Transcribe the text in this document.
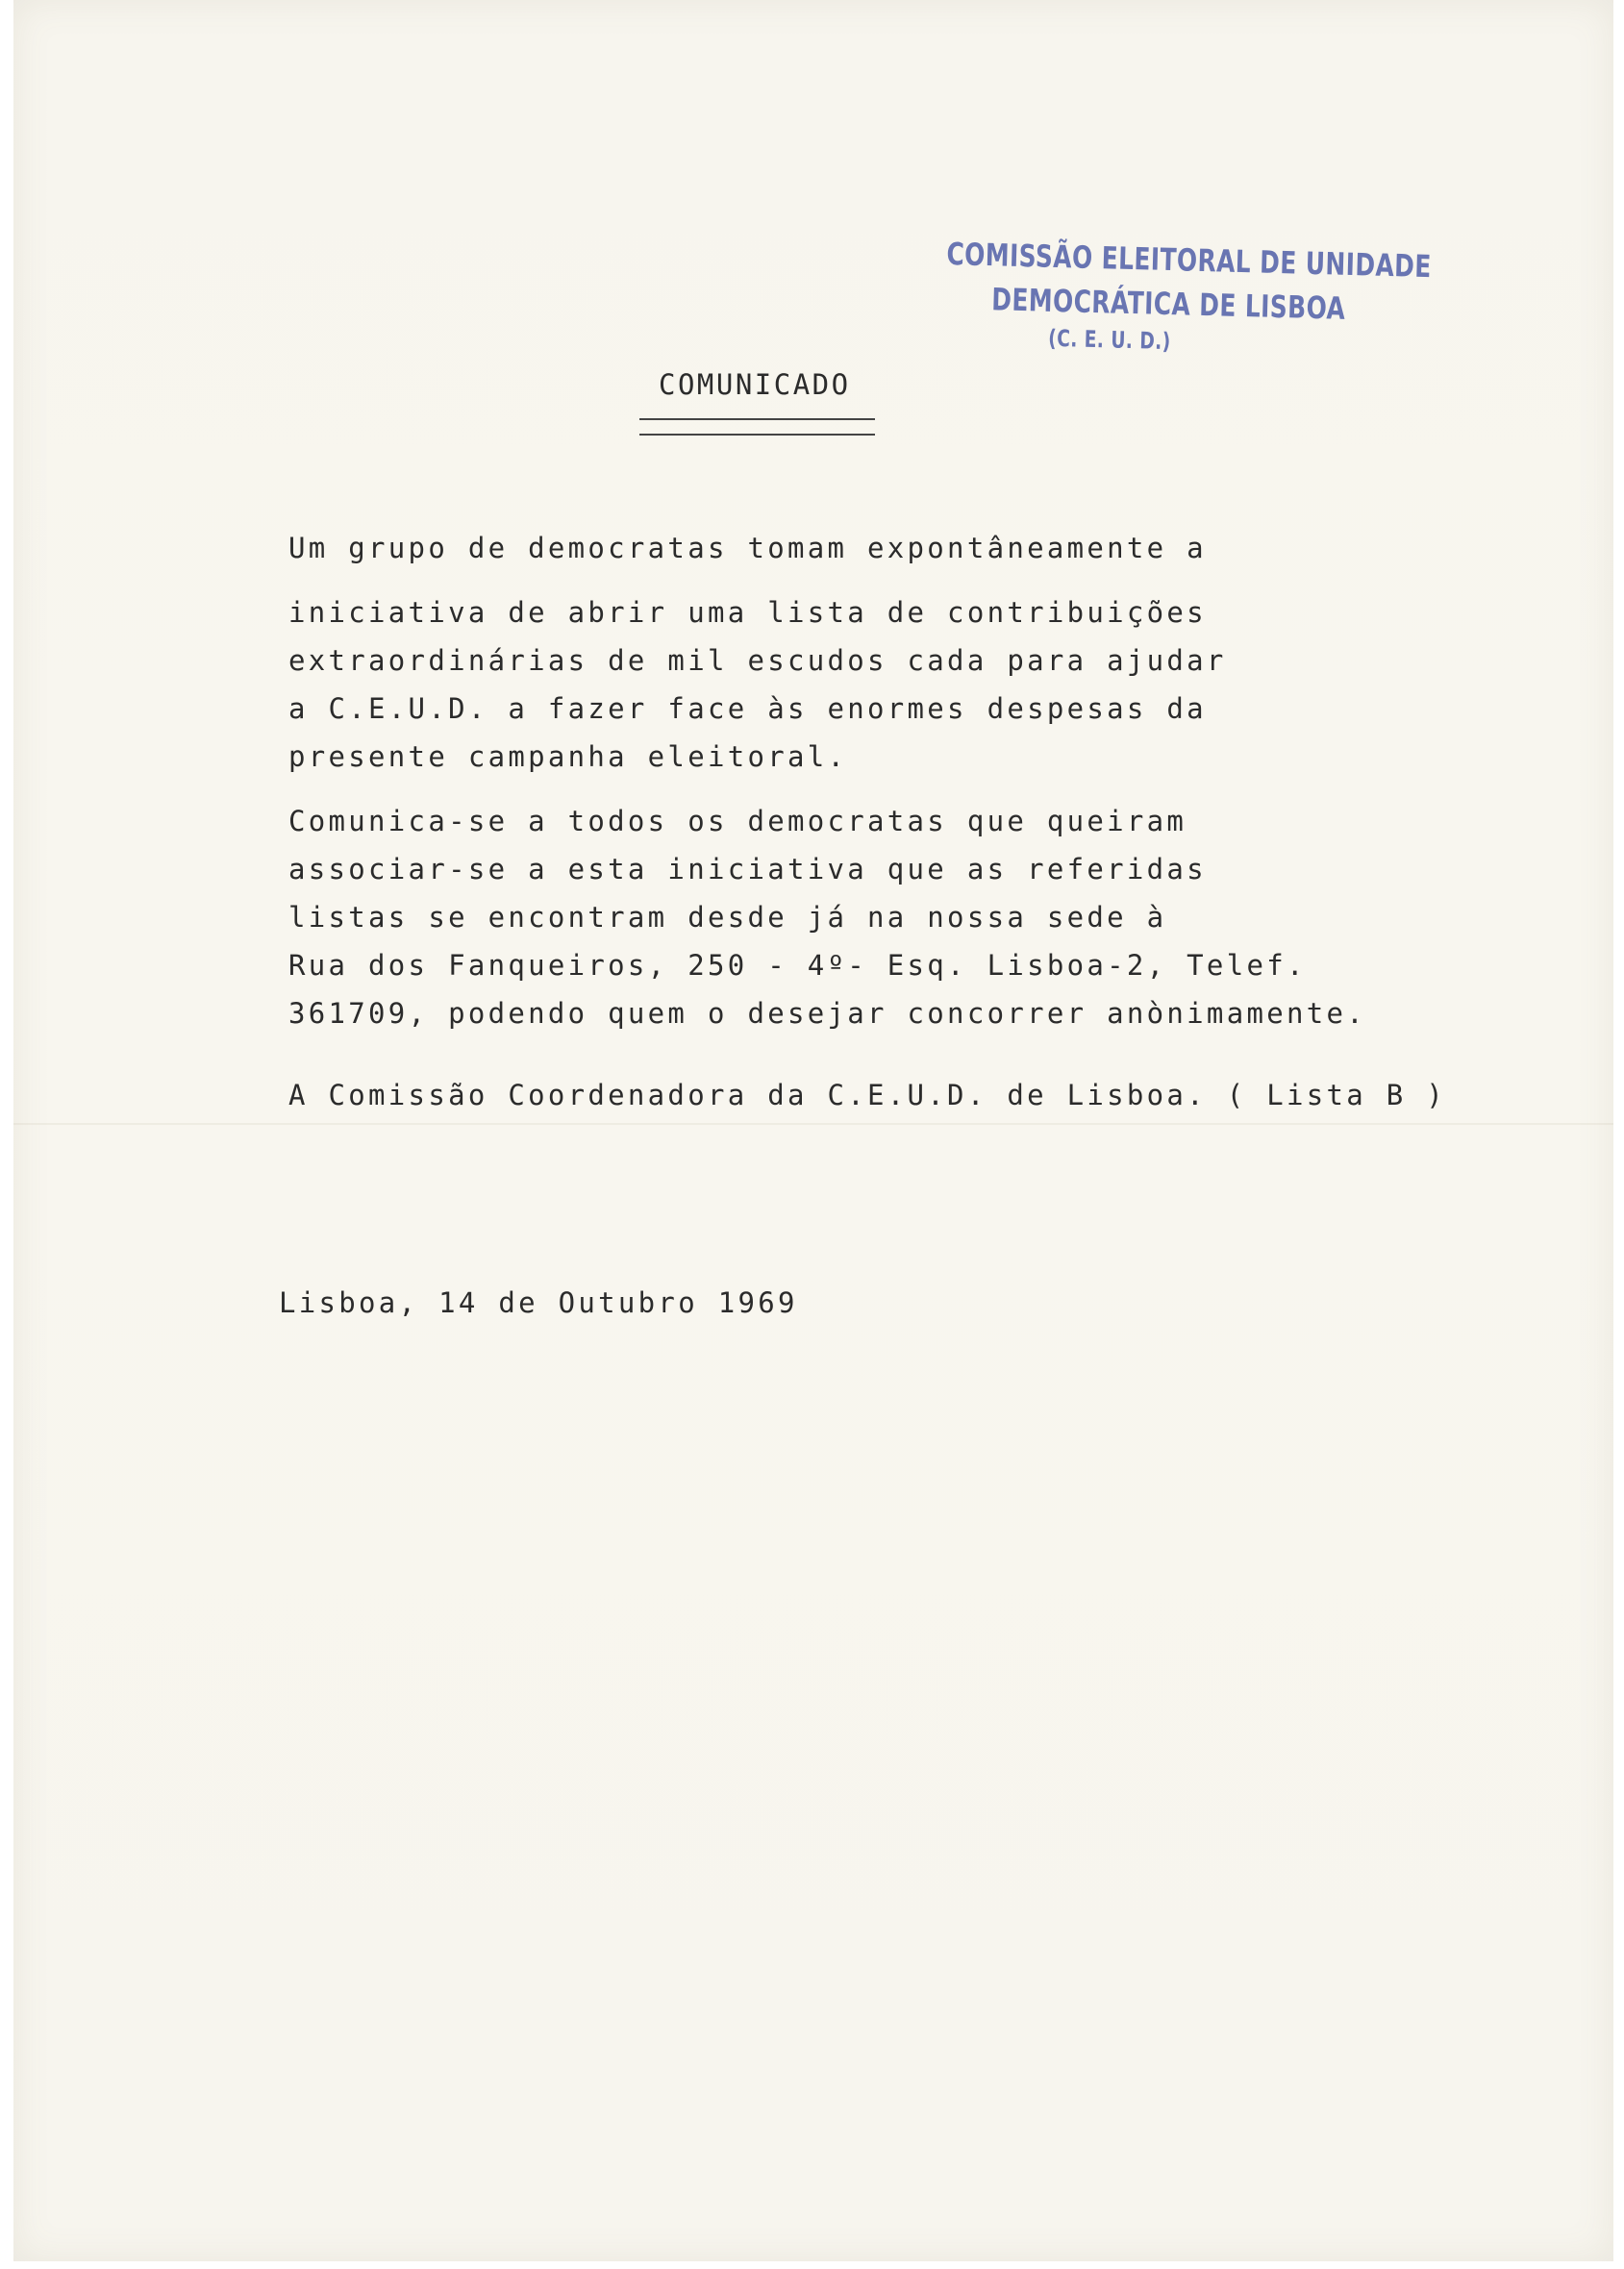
COMISSÃO ELEITORAL DE UNIDADE
DEMOCRÁTICA DE LISBOA
(C. E. U. D.)
COMUNICADO
Um grupo de democratas tomam expontâneamente a
iniciativa de abrir uma lista de contribuições
extraordinárias de mil escudos cada para ajudar
a C.E.U.D. a fazer face às enormes despesas da
presente campanha eleitoral.
Comunica-se a todos os democratas que queiram
associar-se a esta iniciativa que as referidas
listas se encontram desde já na nossa sede à
Rua dos Fanqueiros, 250 - 4º- Esq. Lisboa-2, Telef.
361709, podendo quem o desejar concorrer anònimamente.
A Comissão Coordenadora da C.E.U.D. de Lisboa. ( Lista B )
Lisboa, 14 de Outubro 1969
